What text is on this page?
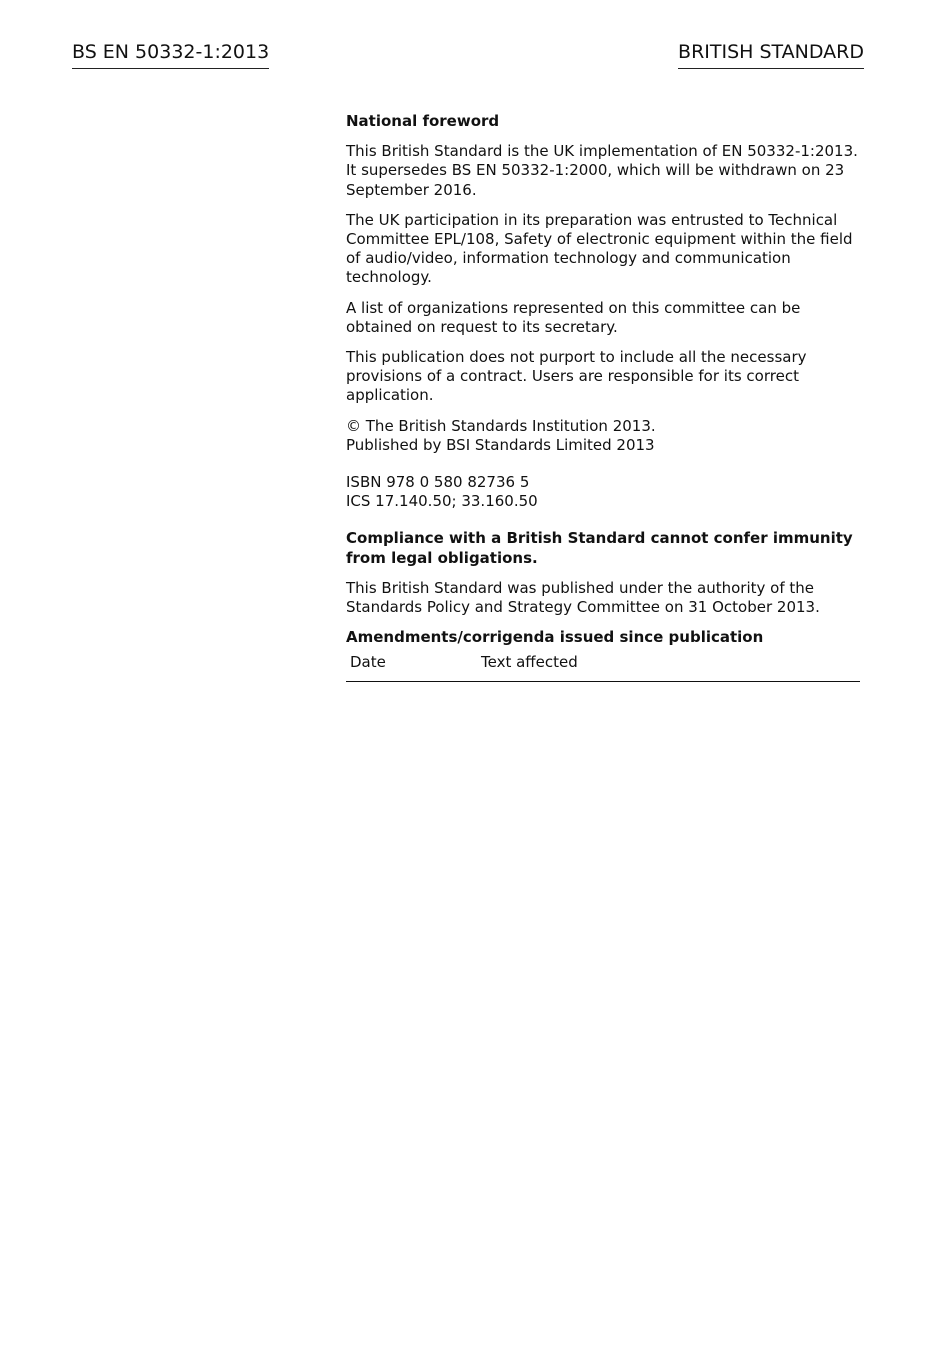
BS EN 50332-1:2013	BRITISH STANDARD

National foreword

This British Standard is the UK implementation of EN 50332-1:2013. It supersedes BS EN 50332-1:2000, which will be withdrawn on 23 September 2016.

The UK participation in its preparation was entrusted to Technical Committee EPL/108, Safety of electronic equipment within the field of audio/video, information technology and communication technology.

A list of organizations represented on this committee can be obtained on request to its secretary.

This publication does not purport to include all the necessary provisions of a contract. Users are responsible for its correct application.

© The British Standards Institution 2013.

Published by BSI Standards Limited 2013

ISBN 978 0 580 82736 5

ICS 17.140.50; 33.160.50

Compliance with a British Standard cannot confer immunity from legal obligations.

This British Standard was published under the authority of the Standards Policy and Strategy Committee on 31 October 2013.

Amendments/corrigenda issued since publication

Date	Text affected
